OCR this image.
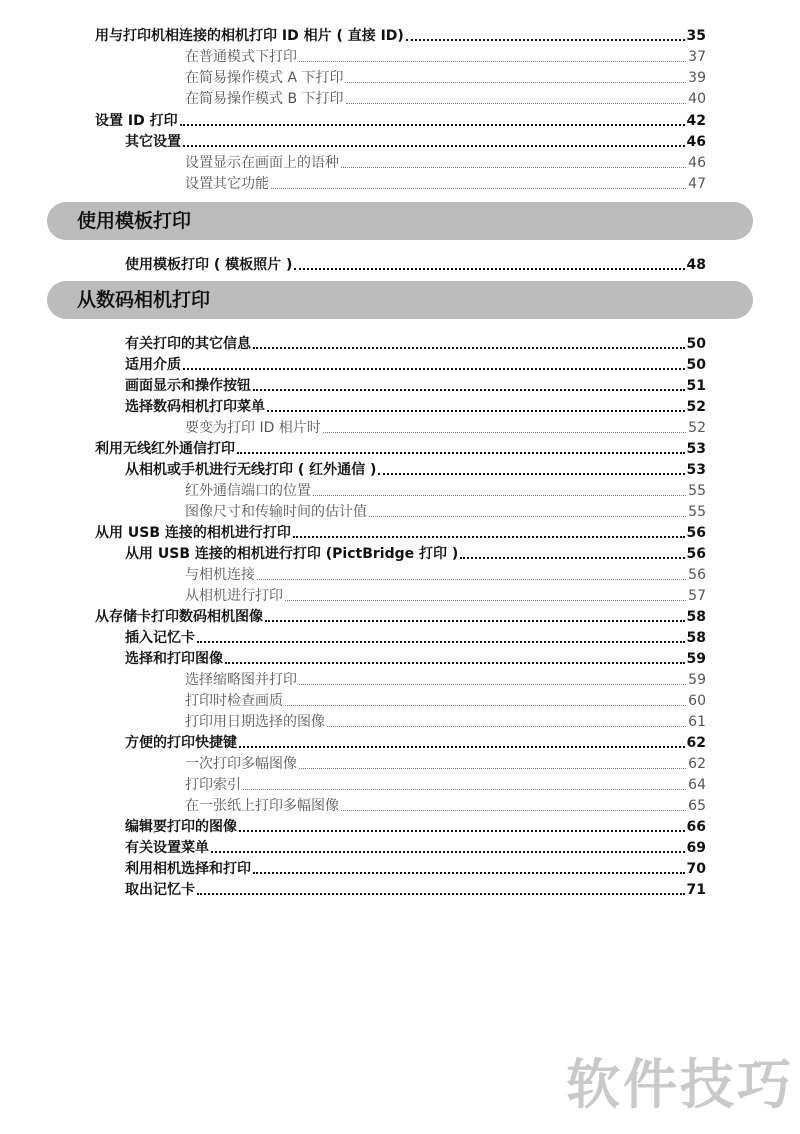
使用模板打印
从数码相机打印
用与打印机相连接的相机打印 ID 相片 ( 直接 ID)	35
在普通模式下打印	37
在简易操作模式 A 下打印	39
在简易操作模式 B 下打印	40
设置 ID 打印	42
其它设置	46
设置显示在画面上的语种	46
设置其它功能	47
使用模板打印 ( 模板照片 )	48
有关打印的其它信息	50
适用介质	50
画面显示和操作按钮	51
选择数码相机打印菜单	52
要变为打印 ID 相片时	52
利用无线红外通信打印	53
从相机或手机进行无线打印 ( 红外通信 )	53
红外通信端口的位置	55
图像尺寸和传输时间的估计值	55
从用 USB 连接的相机进行打印	56
从用 USB 连接的相机进行打印 (PictBridge 打印 )	56
与相机连接	56
从相机进行打印	57
从存储卡打印数码相机图像	58
插入记忆卡	58
选择和打印图像	59
选择缩略图并打印	59
打印时检查画质	60
打印用日期选择的图像	61
方便的打印快捷键	62
一次打印多幅图像	62
打印索引	64
在一张纸上打印多幅图像	65
编辑要打印的图像	66
有关设置菜单	69
利用相机选择和打印	70
取出记忆卡	71
软件技巧
